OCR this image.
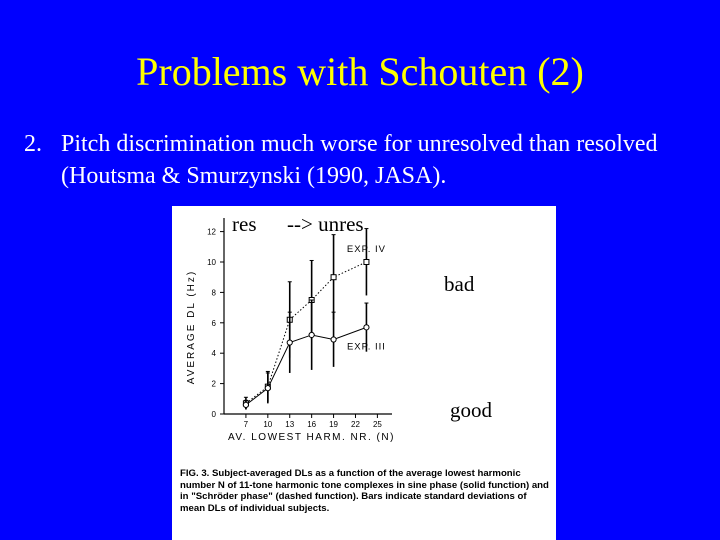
Problems with Schouten (2)
2. Pitch discrimination much worse for unresolved than resolved (Houtsma & Smurzynski (1990, JASA).
0
2
4
6
8
10
12
7 10 13 16 19 22 25
AVERAGE DL (Hz)
AV. LOWEST HARM. NR. (N)
EXP. IV
EXP. III
FIG. 3. Subject-averaged DLs as a function of the average lowest harmonic number N of 11-tone harmonic tone complexes in sine phase (solid function) and in "Schröder phase" (dashed function). Bars indicate standard deviations of mean DLs of individual subjects.
res --> unres
bad
good
